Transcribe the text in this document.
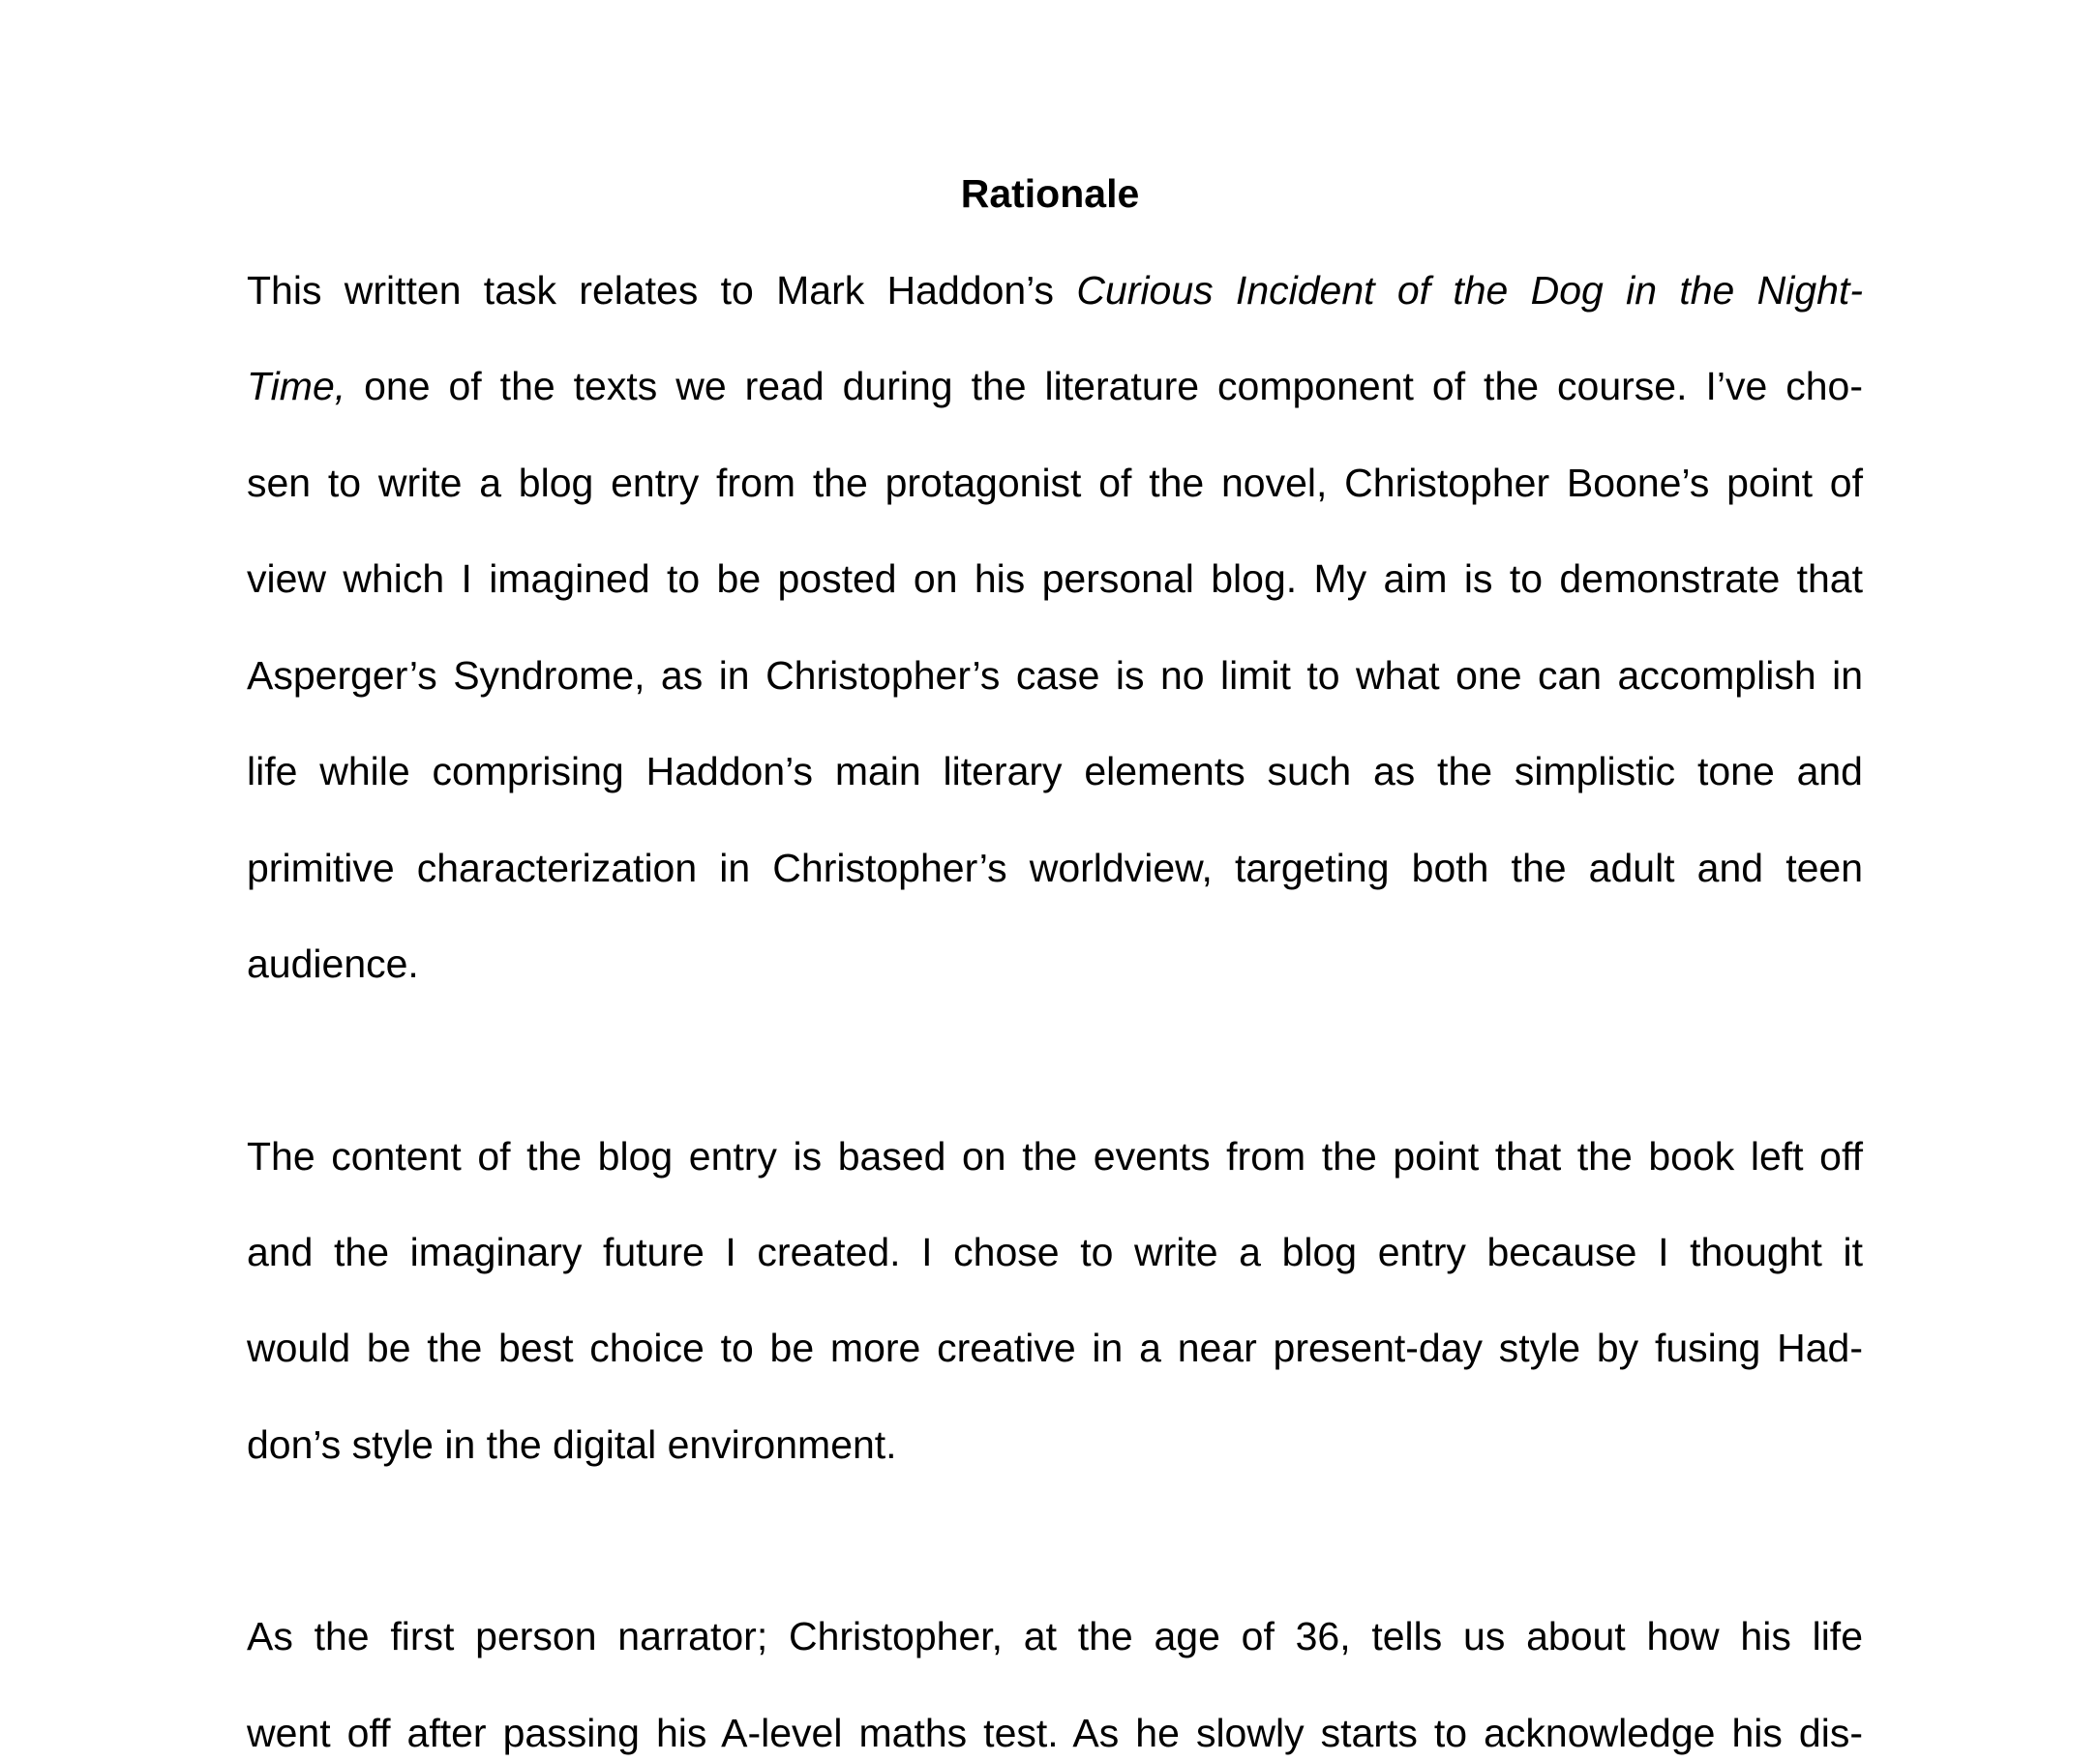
Rationale
This written task relates to Mark Haddon’s Curious Incident of the Dog in the Night-
Time, one of the texts we read during the literature component of the course. I’ve cho-
sen to write a blog entry from the protagonist of the novel, Christopher Boone’s point of
view which I imagined to be posted on his personal blog. My aim is to demonstrate that
Asperger’s Syndrome, as in Christopher’s case is no limit to what one can accomplish in
life while comprising Haddon’s main literary elements such as the simplistic tone and
primitive characterization in Christopher’s worldview, targeting both the adult and teen
audience.
The content of the blog entry is based on the events from the point that the book left off
and the imaginary future I created. I chose to write a blog entry because I thought it
would be the best choice to be more creative in a near present-day style by fusing Had-
don’s style in the digital environment.
As the first person narrator; Christopher, at the age of 36, tells us about how his life
went off after passing his A-level maths test. As he slowly starts to acknowledge his dis-
